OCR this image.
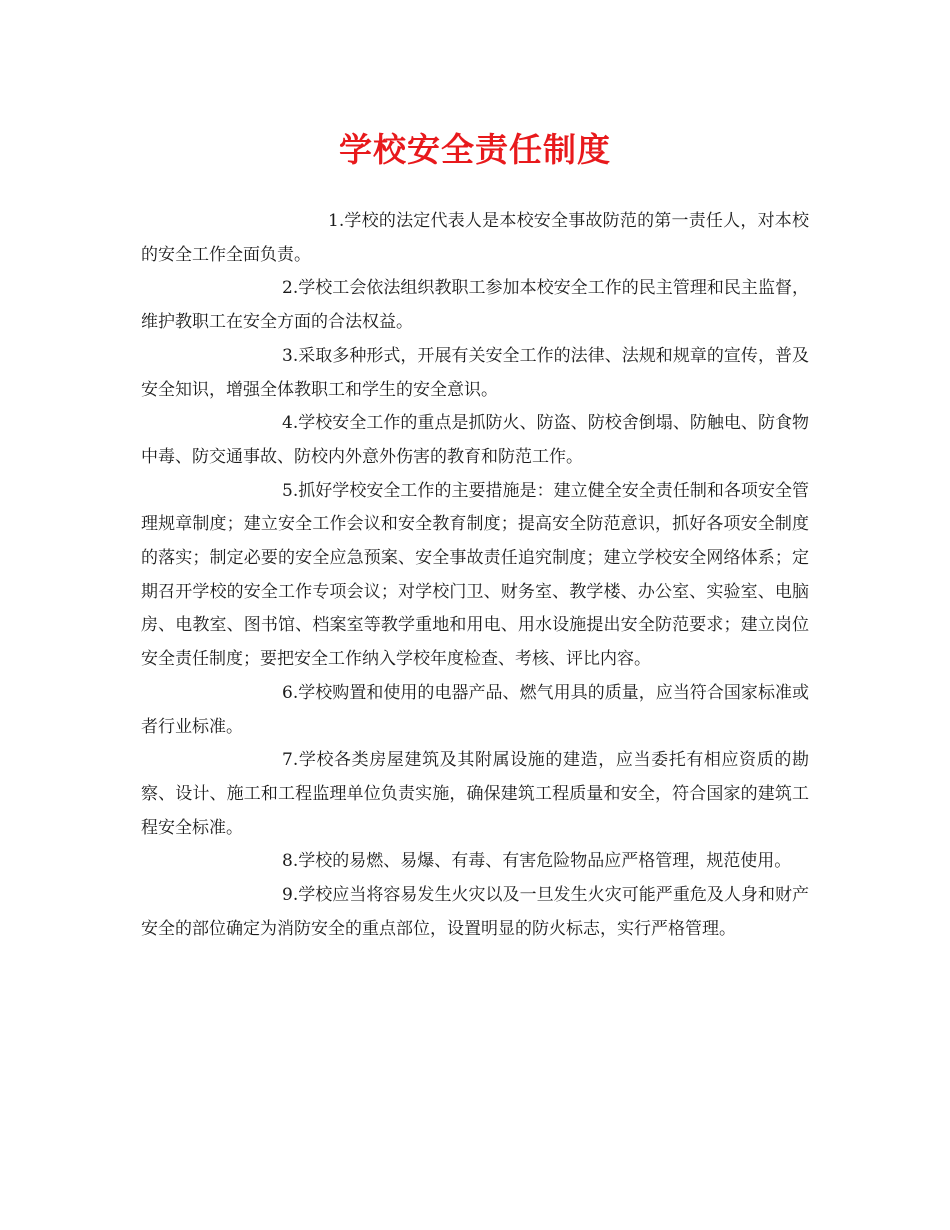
学校安全责任制度

1.学校的法定代表人是本校安全事故防范的第一责任人，对本校的安全工作全面负责。

2.学校工会依法组织教职工参加本校安全工作的民主管理和民主监督，维护教职工在安全方面的合法权益。

3.采取多种形式，开展有关安全工作的法律、法规和规章的宣传，普及安全知识，增强全体教职工和学生的安全意识。

4.学校安全工作的重点是抓防火、防盗、防校舍倒塌、防触电、防食物中毒、防交通事故、防校内外意外伤害的教育和防范工作。

5.抓好学校安全工作的主要措施是：建立健全安全责任制和各项安全管理规章制度；建立安全工作会议和安全教育制度；提高安全防范意识，抓好各项安全制度的落实；制定必要的安全应急预案、安全事故责任追究制度；建立学校安全网络体系；定期召开学校的安全工作专项会议；对学校门卫、财务室、教学楼、办公室、实验室、电脑房、电教室、图书馆、档案室等教学重地和用电、用水设施提出安全防范要求；建立岗位安全责任制度；要把安全工作纳入学校年度检查、考核、评比内容。

6.学校购置和使用的电器产品、燃气用具的质量，应当符合国家标准或者行业标准。

7.学校各类房屋建筑及其附属设施的建造，应当委托有相应资质的勘察、设计、施工和工程监理单位负责实施，确保建筑工程质量和安全，符合国家的建筑工程安全标准。

8.学校的易燃、易爆、有毒、有害危险物品应严格管理，规范使用。

9.学校应当将容易发生火灾以及一旦发生火灾可能严重危及人身和财产安全的部位确定为消防安全的重点部位，设置明显的防火标志，实行严格管理。
